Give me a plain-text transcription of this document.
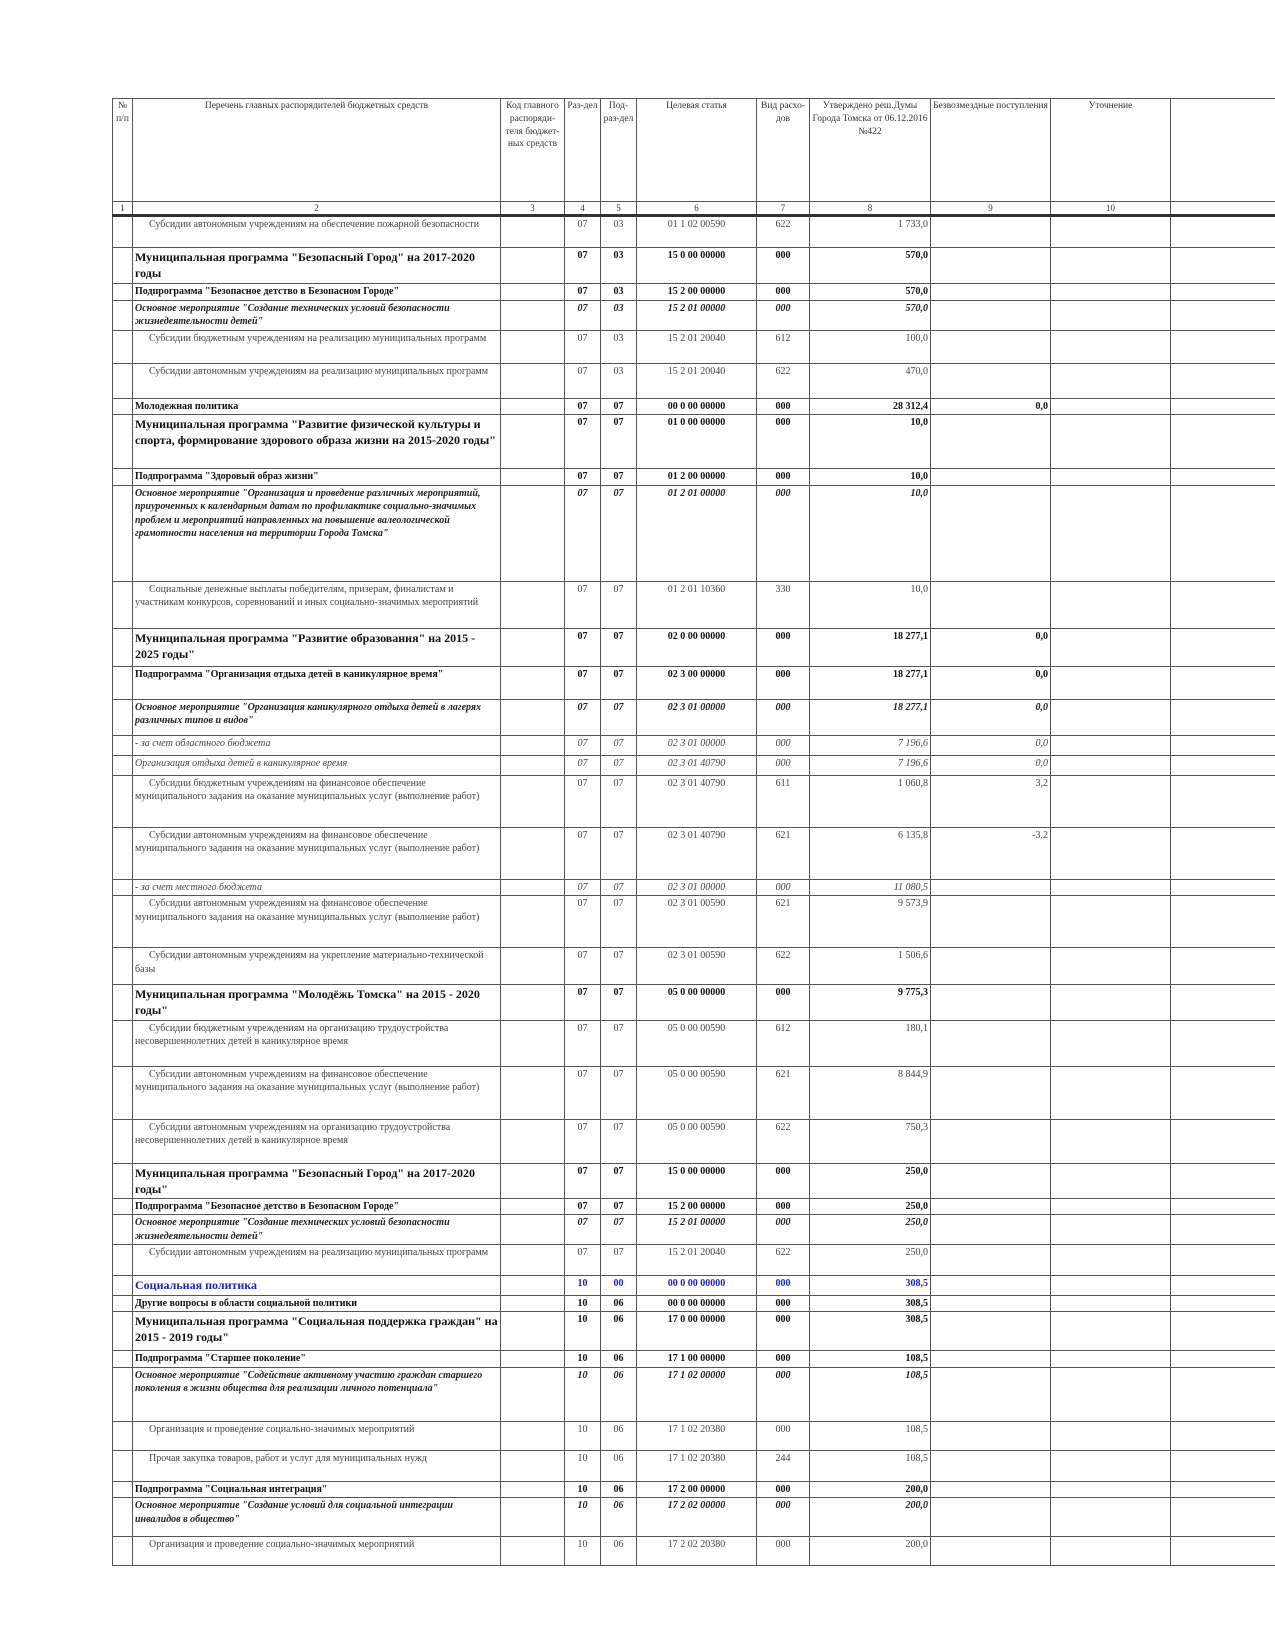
№ п/п	Перечень главных распорядителей бюджетных средств	Код главного распоряди-теля бюджет-ных средств	Раз-дел	Под-раз-дел	Целевая статья	Вид расхо-дов	Утверждено реш.Думы Города Томска от 06.12.2016 №422	Безвозмездные поступления	Уточнение	
1	2	3	4	5	6	7	8	9	10	
	Субсидии автономным учреждениям на обеспечение пожарной безопасности		07	03	01 1 02 00590	622	1 733,0			
	Муниципальная программа "Безопасный Город" на 2017-2020 годы		07	03	15 0 00 00000	000	570,0			
	Подпрограмма "Безопасное детство в Безопасном Городе"		07	03	15 2 00 00000	000	570,0			
	Основное мероприятие "Создание технических условий безопасности жизнедеятельности детей"		07	03	15 2 01 00000	000	570,0			
	Субсидии бюджетным учреждениям на реализацию муниципальных программ		07	03	15 2 01 20040	612	100,0			
	Субсидии автономным учреждениям на реализацию муниципальных программ		07	03	15 2 01 20040	622	470,0			
	Молодежная политика		07	07	00 0 00 00000	000	28 312,4	0,0		
	Муниципальная программа "Развитие физической культуры и спорта, формирование здорового образа жизни на 2015-2020 годы"		07	07	01 0 00 00000	000	10,0			
	Подпрограмма "Здоровый образ жизни"		07	07	01 2 00 00000	000	10,0			
	Основное мероприятие "Организация и проведение различных мероприятий, приуроченных к календарным датам по профилактике социально-значимых проблем и мероприятий направленных на повышение валеологической грамотности населения на территории Города Томска"		07	07	01 2 01 00000	000	10,0			
	Социальные денежные выплаты победителям, призерам, финалистам и участникам конкурсов, соревнований и иных социально-значимых мероприятий		07	07	01 2 01 10360	330	10,0			
	Муниципальная программа "Развитие образования" на 2015 - 2025 годы"		07	07	02 0 00 00000	000	18 277,1	0,0		
	Подпрограмма "Организация отдыха детей в каникулярное время"		07	07	02 3 00 00000	000	18 277,1	0,0		
	Основное мероприятие "Организация каникулярного отдыха детей в лагерях различных типов и видов"		07	07	02 3 01 00000	000	18 277,1	0,0		
	- за счет областного бюджета		07	07	02 3 01 00000	000	7 196,6	0,0		
	Организация отдыха детей в каникулярное время		07	07	02 3 01 40790	000	7 196,6	0,0		
	Субсидии бюджетным учреждениям на финансовое обеспечение муниципального задания на оказание муниципальных услуг (выполнение работ)		07	07	02 3 01 40790	611	1 060,8	3,2		
	Субсидии автономным учреждениям на финансовое обеспечение муниципального задания на оказание муниципальных услуг (выполнение работ)		07	07	02 3 01 40790	621	6 135,8	-3,2		
	- за счет местного бюджета		07	07	02 3 01 00000	000	11 080,5			
	Субсидии автономным учреждениям на финансовое обеспечение муниципального задания на оказание муниципальных услуг (выполнение работ)		07	07	02 3 01 00590	621	9 573,9			
	Субсидии автономным учреждениям на укрепление материально-технической базы		07	07	02 3 01 00590	622	1 506,6			
	Муниципальная программа "Молодёжь Томска" на 2015 - 2020 годы"		07	07	05 0 00 00000	000	9 775,3			
	Субсидии бюджетным учреждениям на организацию трудоустройства несовершеннолетних детей в каникулярное время		07	07	05 0 00 00590	612	180,1			
	Субсидии автономным учреждениям на финансовое обеспечение муниципального задания на оказание муниципальных услуг (выполнение работ)		07	07	05 0 00 00590	621	8 844,9			
	Субсидии автономным учреждениям на организацию трудоустройства несовершеннолетних детей в каникулярное время		07	07	05 0 00 00590	622	750,3			
	Муниципальная программа "Безопасный Город" на 2017-2020 годы"		07	07	15 0 00 00000	000	250,0			
	Подпрограмма "Безопасное детство в Безопасном Городе"		07	07	15 2 00 00000	000	250,0			
	Основное мероприятие "Создание технических условий безопасности жизнедеятельности детей"		07	07	15 2 01 00000	000	250,0			
	Субсидии автономным учреждениям на реализацию муниципальных программ		07	07	15 2 01 20040	622	250,0			
	Социальная политика		10	00	00 0 00 00000	000	308,5			
	Другие вопросы в области социальной политики		10	06	00 0 00 00000	000	308,5			
	Муниципальная программа "Социальная поддержка граждан" на 2015 - 2019 годы"		10	06	17 0 00 00000	000	308,5			
	Подпрограмма "Старшее поколение"		10	06	17 1 00 00000	000	108,5			
	Основное мероприятие "Содействие активному участию граждан старшего поколения в жизни общества для реализации личного потенциала"		10	06	17 1 02 00000	000	108,5			
	Организация и проведение социально-значимых мероприятий		10	06	17 1 02 20380	000	108,5			
	Прочая закупка товаров, работ и услуг для муниципальных нужд		10	06	17 1 02 20380	244	108,5			
	Подпрограмма "Социальная интеграция"		10	06	17 2 00 00000	000	200,0			
	Основное мероприятие "Создание условий для социальной интеграции инвалидов в общество"		10	06	17 2 02 00000	000	200,0			
	Организация и проведение социально-значимых мероприятий		10	06	17 2 02 20380	000	200,0			
